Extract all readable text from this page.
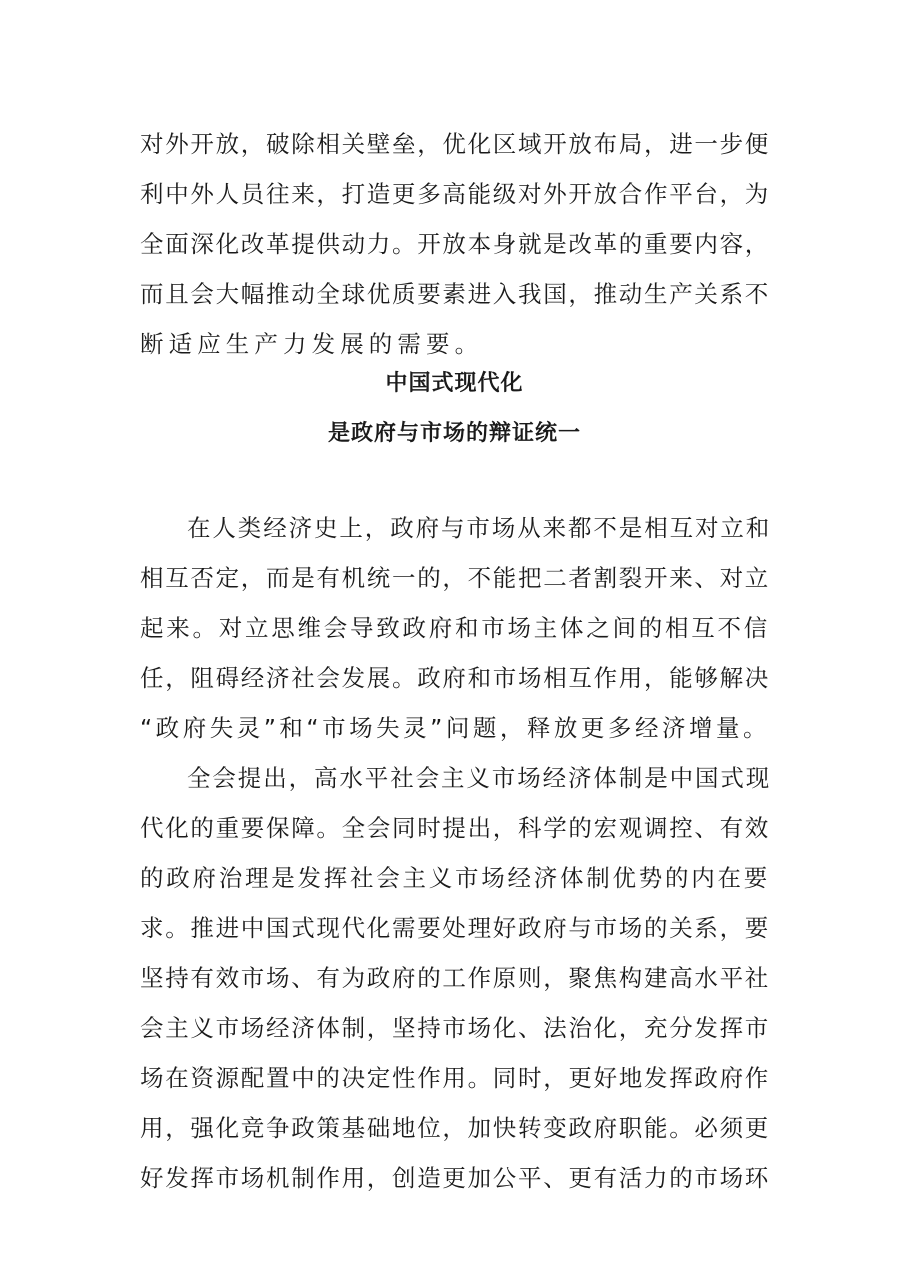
对外开放，破除相关壁垒，优化区域开放布局，进一步便
利中外人员往来，打造更多高能级对外开放合作平台，为
全面深化改革提供动力。开放本身就是改革的重要内容，
而且会大幅推动全球优质要素进入我国，推动生产关系不
断适应生产力发展的需要。
中国式现代化
是政府与市场的辩证统一
在人类经济史上，政府与市场从来都不是相互对立和
相互否定，而是有机统一的，不能把二者割裂开来、对立
起来。对立思维会导致政府和市场主体之间的相互不信
任，阻碍经济社会发展。政府和市场相互作用，能够解决
“政府失灵”和“市场失灵”问题，释放更多经济增量。
全会提出，高水平社会主义市场经济体制是中国式现
代化的重要保障。全会同时提出，科学的宏观调控、有效
的政府治理是发挥社会主义市场经济体制优势的内在要
求。推进中国式现代化需要处理好政府与市场的关系，要
坚持有效市场、有为政府的工作原则，聚焦构建高水平社
会主义市场经济体制，坚持市场化、法治化，充分发挥市
场在资源配置中的决定性作用。同时，更好地发挥政府作
用，强化竞争政策基础地位，加快转变政府职能。必须更
好发挥市场机制作用，创造更加公平、更有活力的市场环
